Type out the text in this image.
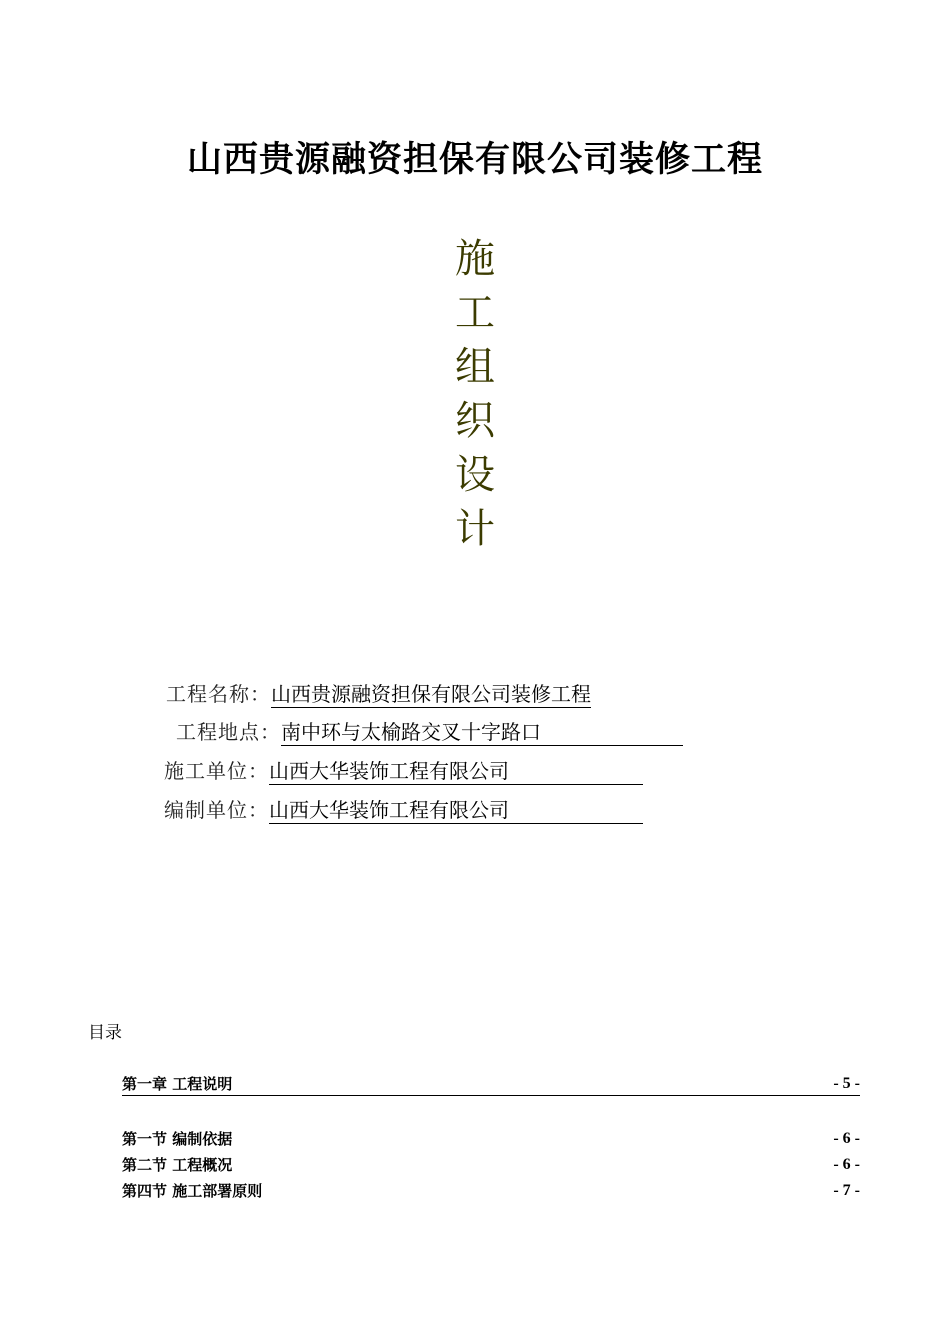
山西贵源融资担保有限公司装修工程
施
工
组
织
设
计
工程名称：山西贵源融资担保有限公司装修工程
工程地点：南中环与太榆路交叉十字路口
施工单位：山西大华装饰工程有限公司
编制单位：山西大华装饰工程有限公司
目录
第一章 工程说明	- 5 -
第一节 编制依据	- 6 -
第二节 工程概况	- 6 -
第四节 施工部署原则	- 7 -
